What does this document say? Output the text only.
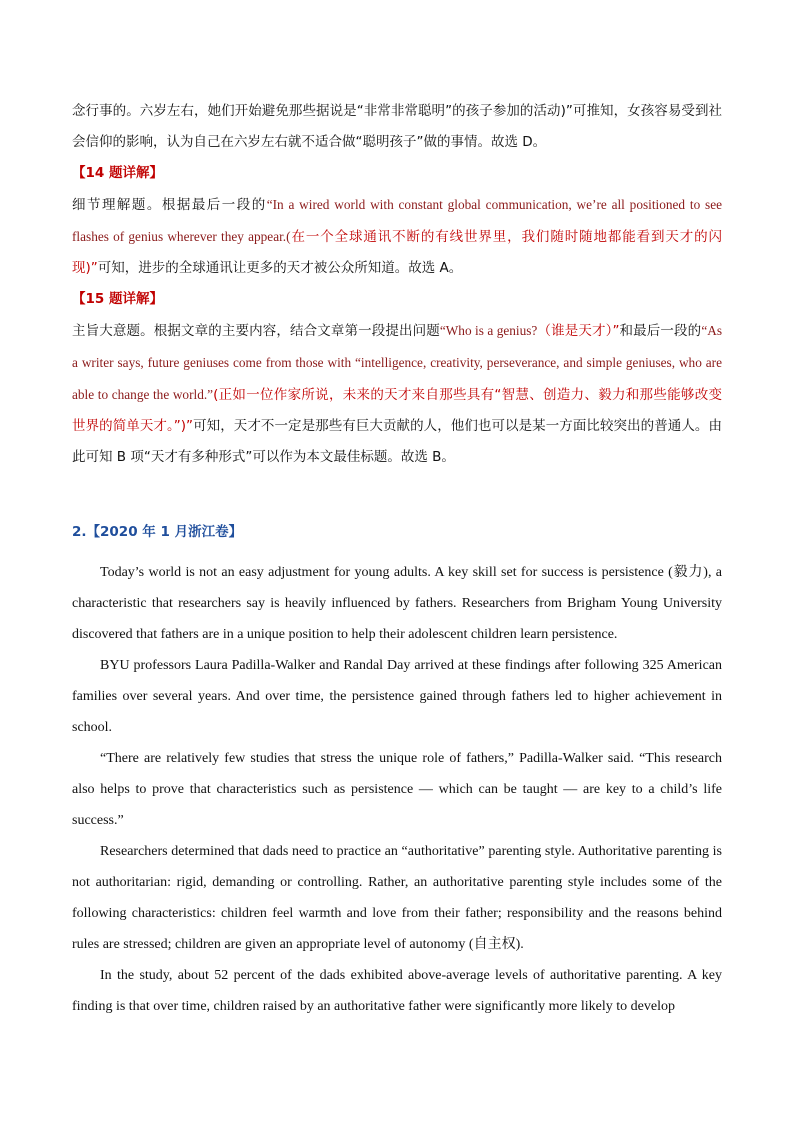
念行事的。六岁左右，她们开始避免那些据说是“非常非常聪明”的孩子参加的活动)”可推知，女孩容易受到社会信仰的影响，认为自己在六岁左右就不适合做“聪明孩子”做的事情。故选 D。

【14 题详解】

细节理解题。根据最后一段的“In a wired world with constant global communication, we’re all positioned to see flashes of genius wherever they appear.(在一个全球通讯不断的有线世界里，我们随时随地都能看到天才的闪现)”可知，进步的全球通讯让更多的天才被公众所知道。故选 A。

【15 题详解】

主旨大意题。根据文章的主要内容，结合文章第一段提出问题“Who is a genius?（谁是天才）”和最后一段的“As a writer says, future geniuses come from those with “intelligence, creativity, perseverance, and simple geniuses, who are able to change the world.”(正如一位作家所说，未来的天才来自那些具有“智慧、创造力、毅力和那些能够改变世界的简单天才。”)”可知，天才不一定是那些有巨大贡献的人，他们也可以是某一方面比较突出的普通人。由此可知 B 项“天才有多种形式”可以作为本文最佳标题。故选 B。

2.【2020 年 1 月浙江卷】

Today’s world is not an easy adjustment for young adults. A key skill set for success is persistence (毅力), a characteristic that researchers say is heavily influenced by fathers. Researchers from Brigham Young University discovered that fathers are in a unique position to help their adolescent children learn persistence.

BYU professors Laura Padilla-Walker and Randal Day arrived at these findings after following 325 American families over several years. And over time, the persistence gained through fathers led to higher achievement in school.

“There are relatively few studies that stress the unique role of fathers,” Padilla-Walker said. “This research also helps to prove that characteristics such as persistence — which can be taught — are key to a child’s life success.”

Researchers determined that dads need to practice an “authoritative” parenting style. Authoritative parenting is not authoritarian: rigid, demanding or controlling. Rather, an authoritative parenting style includes some of the following characteristics: children feel warmth and love from their father; responsibility and the reasons behind rules are stressed; children are given an appropriate level of autonomy (自主权).

In the study, about 52 percent of the dads exhibited above-average levels of authoritative parenting. A key finding is that over time, children raised by an authoritative father were significantly more likely to develop
